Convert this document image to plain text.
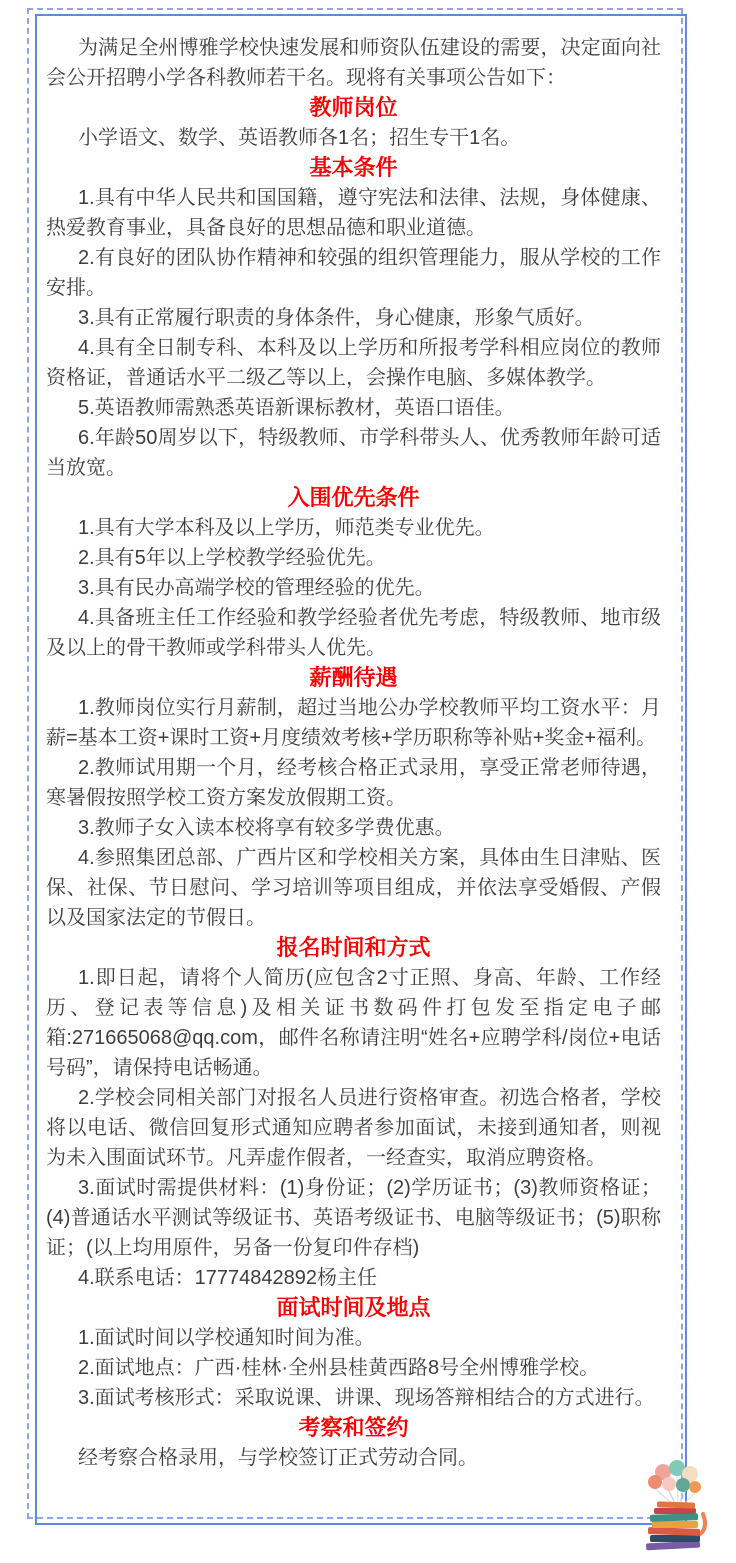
为满足全州博雅学校快速发展和师资队伍建设的需要，决定面向社会公开招聘小学各科教师若干名。现将有关事项公告如下：

教师岗位

小学语文、数学、英语教师各1名；招生专干1名。

基本条件

1.具有中华人民共和国国籍，遵守宪法和法律、法规，身体健康、热爱教育事业，具备良好的思想品德和职业道德。

2.有良好的团队协作精神和较强的组织管理能力，服从学校的工作安排。

3.具有正常履行职责的身体条件，身心健康，形象气质好。

4.具有全日制专科、本科及以上学历和所报考学科相应岗位的教师资格证，普通话水平二级乙等以上，会操作电脑、多媒体教学。

5.英语教师需熟悉英语新课标教材，英语口语佳。

6.年龄50周岁以下，特级教师、市学科带头人、优秀教师年龄可适当放宽。

入围优先条件

1.具有大学本科及以上学历，师范类专业优先。

2.具有5年以上学校教学经验优先。

3.具有民办高端学校的管理经验的优先。

4.具备班主任工作经验和教学经验者优先考虑，特级教师、地市级及以上的骨干教师或学科带头人优先。

薪酬待遇

1.教师岗位实行月薪制，超过当地公办学校教师平均工资水平：月薪=基本工资+课时工资+月度绩效考核+学历职称等补贴+奖金+福利。

2.教师试用期一个月，经考核合格正式录用，享受正常老师待遇，寒暑假按照学校工资方案发放假期工资。

3.教师子女入读本校将享有较多学费优惠。

4.参照集团总部、广西片区和学校相关方案，具体由生日津贴、医保、社保、节日慰问、学习培训等项目组成，并依法享受婚假、产假以及国家法定的节假日。

报名时间和方式

1.即日起，请将个人简历(应包含2寸正照、身高、年龄、工作经历、登记表等信息)及相关证书数码件打包发至指定电子邮箱:271665068@qq.com，邮件名称请注明“姓名+应聘学科/岗位+电话号码”，请保持电话畅通。

2.学校会同相关部门对报名人员进行资格审查。初选合格者，学校将以电话、微信回复形式通知应聘者参加面试，未接到通知者，则视为未入围面试环节。凡弄虚作假者，一经查实，取消应聘资格。

3.面试时需提供材料：(1)身份证；(2)学历证书；(3)教师资格证；(4)普通话水平测试等级证书、英语考级证书、电脑等级证书；(5)职称证；(以上均用原件，另备一份复印件存档)

4.联系电话：17774842892杨主任

面试时间及地点

1.面试时间以学校通知时间为准。

2.面试地点：广西·桂林·全州县桂黄西路8号全州博雅学校。

3.面试考核形式：采取说课、讲课、现场答辩相结合的方式进行。

考察和签约

经考察合格录用，与学校签订正式劳动合同。
